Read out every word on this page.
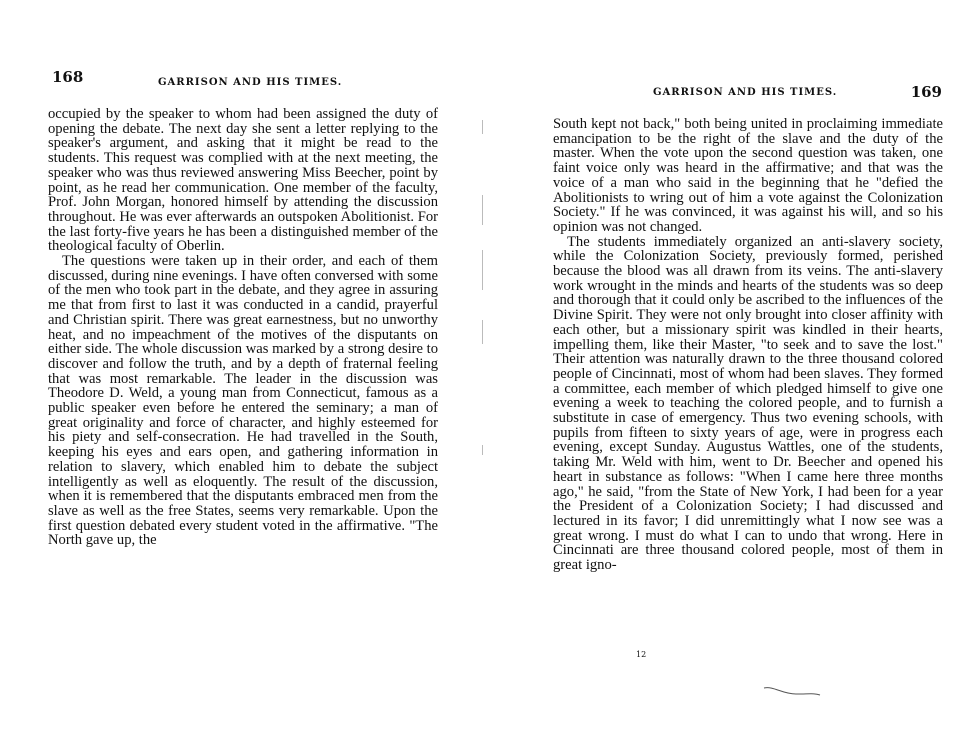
168	GARRISON AND HIS TIMES.

occupied by the speaker to whom had been assigned the duty of opening the debate. The next day she sent a letter replying to the speaker's argument, and asking that it might be read to the students. This request was complied with at the next meeting, the speaker who was thus reviewed answering Miss Beecher, point by point, as he read her communication. One member of the faculty, Prof. John Morgan, honored himself by attending the discussion throughout. He was ever afterwards an outspoken Abolitionist. For the last forty-five years he has been a distinguished member of the theological faculty of Oberlin.

The questions were taken up in their order, and each of them discussed, during nine evenings. I have often conversed with some of the men who took part in the debate, and they agree in assuring me that from first to last it was conducted in a candid, prayerful and Christian spirit. There was great earnestness, but no unworthy heat, and no impeachment of the motives of the disputants on either side. The whole discussion was marked by a strong desire to discover and follow the truth, and by a depth of fraternal feeling that was most remarkable. The leader in the discussion was Theodore D. Weld, a young man from Connecticut, famous as a public speaker even before he entered the seminary; a man of great originality and force of character, and highly esteemed for his piety and self-consecration. He had travelled in the South, keeping his eyes and ears open, and gathering information in relation to slavery, which enabled him to debate the subject intelligently as well as eloquently. The result of the discussion, when it is remembered that the disputants embraced men from the slave as well as the free States, seems very remarkable. Upon the first question debated every student voted in the affirmative. "The North gave up, the

169
GARRISON AND HIS TIMES.

South kept not back," both being united in proclaiming immediate emancipation to be the right of the slave and the duty of the master. When the vote upon the second question was taken, one faint voice only was heard in the affirmative; and that was the voice of a man who said in the beginning that he "defied the Abolitionists to wring out of him a vote against the Colonization Society." If he was convinced, it was against his will, and so his opinion was not changed.

The students immediately organized an anti-slavery society, while the Colonization Society, previously formed, perished because the blood was all drawn from its veins. The anti-slavery work wrought in the minds and hearts of the students was so deep and thorough that it could only be ascribed to the influences of the Divine Spirit. They were not only brought into closer affinity with each other, but a missionary spirit was kindled in their hearts, impelling them, like their Master, "to seek and to save the lost." Their attention was naturally drawn to the three thousand colored people of Cincinnati, most of whom had been slaves. They formed a committee, each member of which pledged himself to give one evening a week to teaching the colored people, and to furnish a substitute in case of emergency. Thus two evening schools, with pupils from fifteen to sixty years of age, were in progress each evening, except Sunday. Augustus Wattles, one of the students, taking Mr. Weld with him, went to Dr. Beecher and opened his heart in substance as follows: "When I came here three months ago," he said, "from the State of New York, I had been for a year the President of a Colonization Society; I had discussed and lectured in its favor; I did unremittingly what I now see was a great wrong. I must do what I can to undo that wrong. Here in Cincinnati are three thousand colored people, most of them in great igno-

12
